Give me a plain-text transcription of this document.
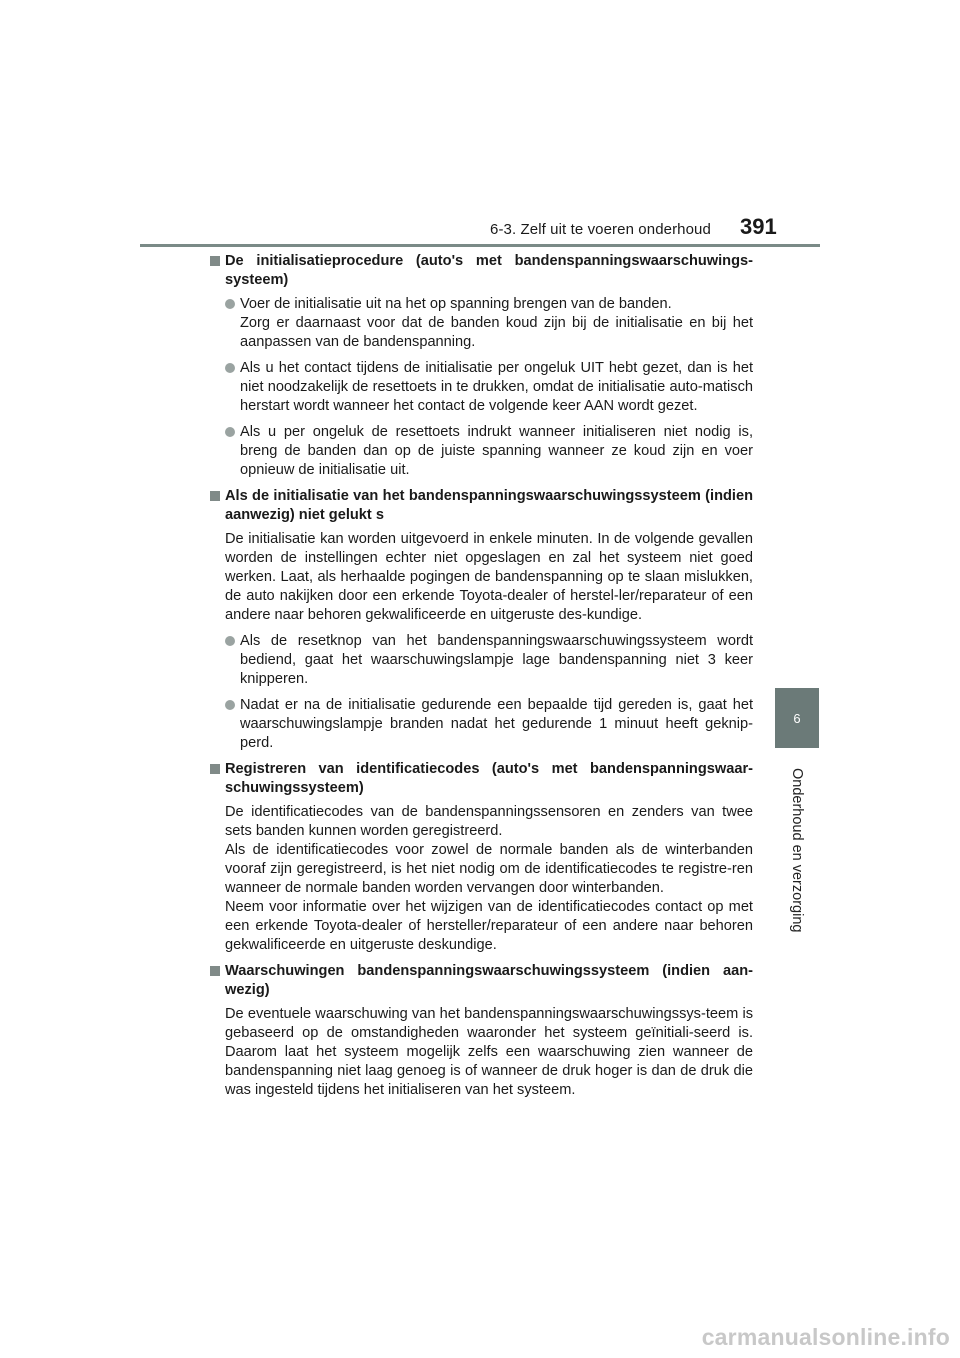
6-3. Zelf uit te voeren onderhoud 391
6
Onderhoud en verzorging
De initialisatieprocedure (auto's met bandenspanningswaarschuwings-systeem)
Voer de initialisatie uit na het op spanning brengen van de banden.
Zorg er daarnaast voor dat de banden koud zijn bij de initialisatie en bij het aanpassen van de bandenspanning.
Als u het contact tijdens de initialisatie per ongeluk UIT hebt gezet, dan is het niet noodzakelijk de resettoets in te drukken, omdat de initialisatie auto-matisch herstart wordt wanneer het contact de volgende keer AAN wordt gezet.
Als u per ongeluk de resettoets indrukt wanneer initialiseren niet nodig is, breng de banden dan op de juiste spanning wanneer ze koud zijn en voer opnieuw de initialisatie uit.
Als de initialisatie van het bandenspanningswaarschuwingssysteem (indien aanwezig) niet gelukt s

De initialisatie kan worden uitgevoerd in enkele minuten. In de volgende gevallen worden de instellingen echter niet opgeslagen en zal het systeem niet goed werken. Laat, als herhaalde pogingen de bandenspanning op te slaan mislukken, de auto nakijken door een erkende Toyota-dealer of herstel-ler/reparateur of een andere naar behoren gekwalificeerde en uitgeruste des-kundige.

Als de resetknop van het bandenspanningswaarschuwingssysteem wordt bediend, gaat het waarschuwingslampje lage bandenspanning niet 3 keer knipperen.
Nadat er na de initialisatie gedurende een bepaalde tijd gereden is, gaat het waarschuwingslampje branden nadat het gedurende 1 minuut heeft geknip-perd.
Registreren van identificatiecodes (auto's met bandenspanningswaar-schuwingssysteem)

De identificatiecodes van de bandenspanningssensoren en zenders van twee sets banden kunnen worden geregistreerd.
Als de identificatiecodes voor zowel de normale banden als de winterbanden vooraf zijn geregistreerd, is het niet nodig om de identificatiecodes te registre-ren wanneer de normale banden worden vervangen door winterbanden.
Neem voor informatie over het wijzigen van de identificatiecodes contact op met een erkende Toyota-dealer of hersteller/reparateur of een andere naar behoren gekwalificeerde en uitgeruste deskundige.

Waarschuwingen bandenspanningswaarschuwingssysteem (indien aan-wezig)

De eventuele waarschuwing van het bandenspanningswaarschuwingssys-teem is gebaseerd op de omstandigheden waaronder het systeem geïnitiali-seerd is. Daarom laat het systeem mogelijk zelfs een waarschuwing zien wanneer de bandenspanning niet laag genoeg is of wanneer de druk hoger is dan de druk die was ingesteld tijdens het initialiseren van het systeem.

carmanualsonline.info
